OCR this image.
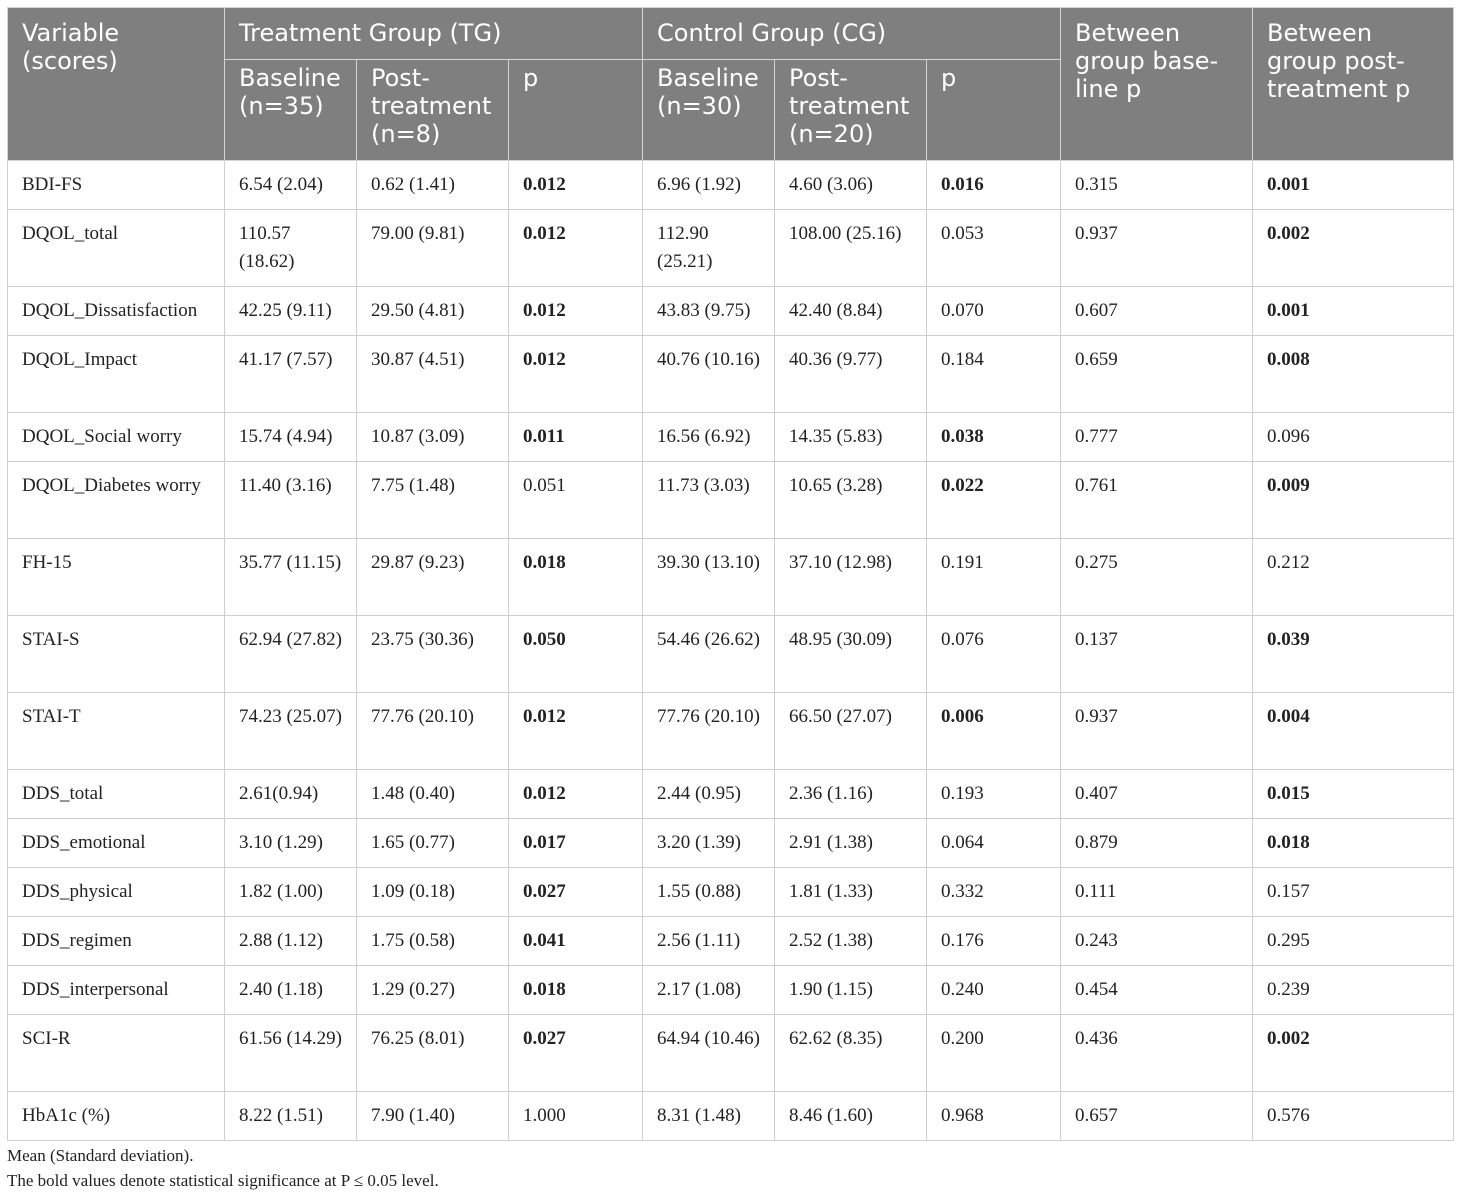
Variable (scores)	Treatment Group (TG)			Control Group (CG)			Between group base-line p	Between group post-treatment p
	Baseline (n=35)	Post-treatment (n=8)	p	Baseline (n=30)	Post-treatment (n=20)	p		
BDI-FS	6.54 (2.04)	0.62 (1.41)	0.012	6.96 (1.92)	4.60 (3.06)	0.016	0.315	0.001
DQOL_total	110.57 (18.62)	79.00 (9.81)	0.012	112.90 (25.21)	108.00 (25.16)	0.053	0.937	0.002
DQOL_Dissatisfaction	42.25 (9.11)	29.50 (4.81)	0.012	43.83 (9.75)	42.40 (8.84)	0.070	0.607	0.001
DQOL_Impact	41.17 (7.57)	30.87 (4.51)	0.012	40.76 (10.16)	40.36 (9.77)	0.184	0.659	0.008
DQOL_Social worry	15.74 (4.94)	10.87 (3.09)	0.011	16.56 (6.92)	14.35 (5.83)	0.038	0.777	0.096
DQOL_Diabetes worry	11.40 (3.16)	7.75 (1.48)	0.051	11.73 (3.03)	10.65 (3.28)	0.022	0.761	0.009
FH-15	35.77 (11.15)	29.87 (9.23)	0.018	39.30 (13.10)	37.10 (12.98)	0.191	0.275	0.212
STAI-S	62.94 (27.82)	23.75 (30.36)	0.050	54.46 (26.62)	48.95 (30.09)	0.076	0.137	0.039
STAI-T	74.23 (25.07)	77.76 (20.10)	0.012	77.76 (20.10)	66.50 (27.07)	0.006	0.937	0.004
DDS_total	2.61(0.94)	1.48 (0.40)	0.012	2.44 (0.95)	2.36 (1.16)	0.193	0.407	0.015
DDS_emotional	3.10 (1.29)	1.65 (0.77)	0.017	3.20 (1.39)	2.91 (1.38)	0.064	0.879	0.018
DDS_physical	1.82 (1.00)	1.09 (0.18)	0.027	1.55 (0.88)	1.81 (1.33)	0.332	0.111	0.157
DDS_regimen	2.88 (1.12)	1.75 (0.58)	0.041	2.56 (1.11)	2.52 (1.38)	0.176	0.243	0.295
DDS_interpersonal	2.40 (1.18)	1.29 (0.27)	0.018	2.17 (1.08)	1.90 (1.15)	0.240	0.454	0.239
SCI-R	61.56 (14.29)	76.25 (8.01)	0.027	64.94 (10.46)	62.62 (8.35)	0.200	0.436	0.002
HbA1c (%)	8.22 (1.51)	7.90 (1.40)	1.000	8.31 (1.48)	8.46 (1.60)	0.968	0.657	0.576

Mean (Standard deviation).

The bold values denote statistical significance at P ≤ 0.05 level.
